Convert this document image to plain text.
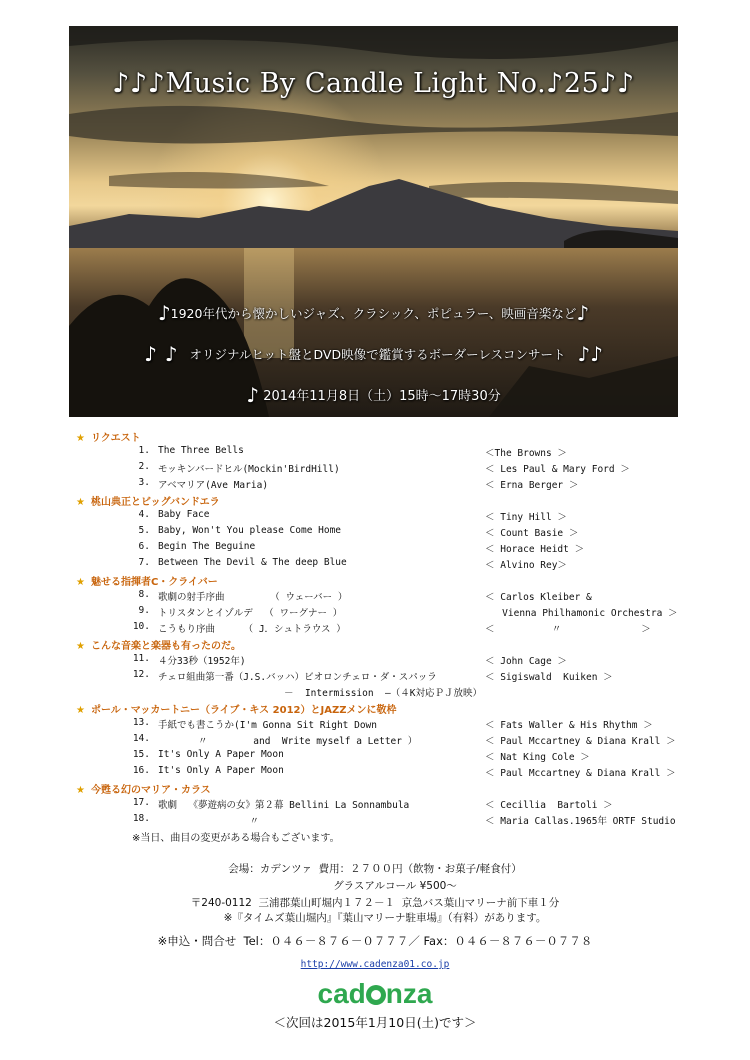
♪♪♪Music By Candle Light No.♪25♪♪
♪1920年代から懐かしいジャズ、クラシック、ポピュラー、映画音楽など♪
♪ ♪ オリジナルヒット盤とDVD映像で鑑賞するボーダーレスコンサート ♪♪
♪ 2014年11月8日（土）15時～17時30分
★ リクエスト
★ 桃山典正とビッグバンドエラ
★ 魅せる指揮者C・クライバー
★ こんな音楽と楽器も有ったのだ。
★ ポール・マッカートニー（ライブ・キス 2012）とJAZZメンに敬枠
★ 今甦る幻のマリア・カラス
1. The Three Bells	＜The Browns ＞
2. モッキンバードヒル(Mockin'BirdHill)	＜ Les Paul & Mary Ford ＞
3. アベマリア(Ave Maria)	＜ Erna Berger ＞
4. Baby Face	＜ Tiny Hill ＞
5. Baby, Won't You please Come Home	＜ Count Basie ＞
6. Begin The Beguine	＜ Horace Heidt ＞
7. Between The Devil & The deep Blue	＜ Alvino Rey＞
8. 歌劇の射手序曲        （ ウェーバー ）	＜ Carlos Kleiber &
9. トリスタンとイゾルデ  （ ワーグナー ）	Vienna Philhamonic Orchestra ＞
10. こうもり序曲     （ J．シュトラウス ）	＜          〃              ＞
11. ４分33秒（1952年)	＜ John Cage ＞
12. チェロ組曲第一番（J.S.バッハ）ビオロンチェロ・ダ・スパッラ	＜ Sigiswald  Kuiken ＞
－  Intermission  ―（４K対応ＰＪ放映）
13. 手紙でも書こうか(I'm Gonna Sit Right Down	＜ Fats Waller & His Rhythm ＞
14. 〃        and  Write myself a Letter ）	＜ Paul Mccartney & Diana Krall ＞
15. It's Only A Paper Moon	＜ Nat King Cole ＞
16. It's Only A Paper Moon	＜ Paul Mccartney & Diana Krall ＞
17. 歌劇  《夢遊病の女》第２幕 Bellini La Sonnambula	＜ Cecillia  Bartoli ＞
18. 〃	＜ Maria Callas.1965年 ORTF Studio
※当日、曲目の変更がある場合もございます。
会場：カデンツァ  費用：２７００円（飲物・お菓子/軽食付）
グラスアルコール ¥500～
〒240-0112  三浦郡葉山町堀内１７２－１  京急バス葉山マリーナ前下車１分
※『タイムズ葉山堀内』『葉山マリーナ駐車場』（有料）があります。
※申込・問合せ  Tel：０４６－８７６－０７７７／ Fax：０４６－８７６－０７７８
http://www.cadenza01.co.jp
cad nza
＜次回は2015年1月10日(土)です＞
